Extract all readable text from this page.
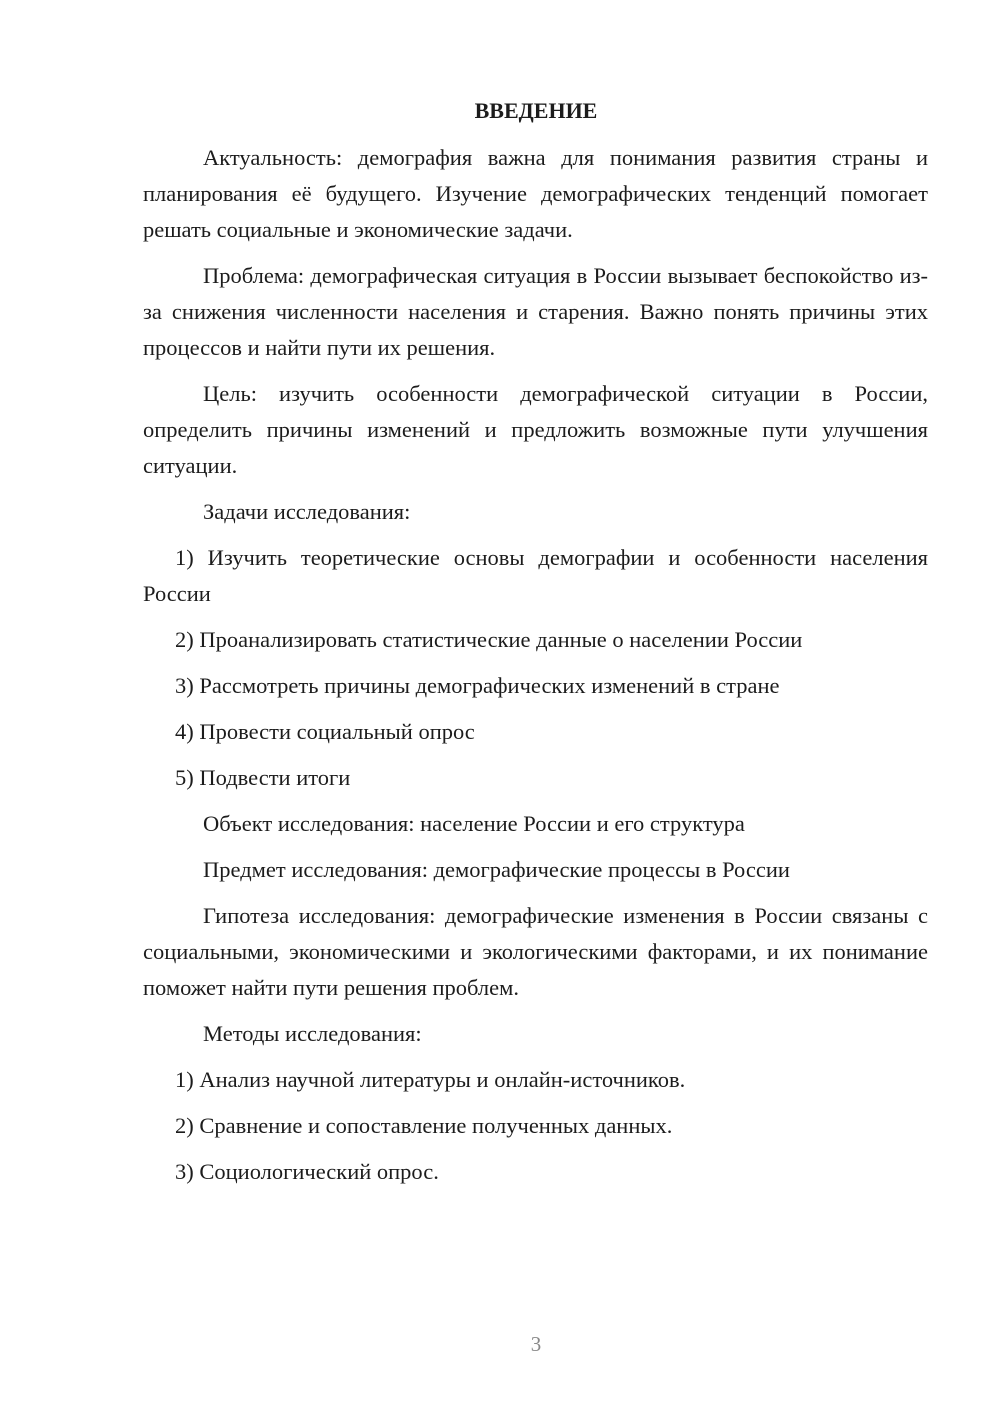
ВВЕДЕНИЕ

Актуальность: демография важна для понимания развития страны и планирования её будущего. Изучение демографических тенденций помогает решать социальные и экономические задачи.

Проблема: демографическая ситуация в России вызывает беспокойство из-за снижения численности населения и старения. Важно понять причины этих процессов и найти пути их решения.

Цель: изучить особенности демографической ситуации в России, определить причины изменений и предложить возможные пути улучшения ситуации.

Задачи исследования:

1) Изучить теоретические основы демографии и особенности населения России

2) Проанализировать статистические данные о населении России

3) Рассмотреть причины демографических изменений в стране

4) Провести социальный опрос

5) Подвести итоги

Объект исследования: население России и его структура

Предмет исследования: демографические процессы в России

Гипотеза исследования: демографические изменения в России связаны с социальными, экономическими и экологическими факторами, и их понимание поможет найти пути решения проблем.

Методы исследования:

1) Анализ научной литературы и онлайн-источников.

2) Сравнение и сопоставление полученных данных.

3) Социологический опрос.

3
